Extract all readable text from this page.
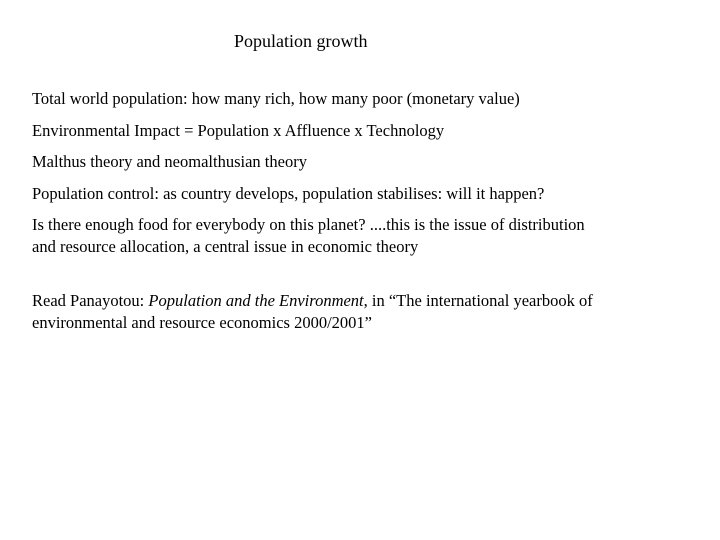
Population growth
Total world population: how many rich, how many poor (monetary value)
Environmental Impact = Population x Affluence x Technology
Malthus theory and neomalthusian theory
Population control: as country develops, population stabilises: will it happen?
Is there enough food for everybody on this planet? ....this is the issue of distribution
and resource allocation, a central issue in economic theory
Read Panayotou: Population and the Environment, in “The international yearbook of
environmental and resource economics 2000/2001”
